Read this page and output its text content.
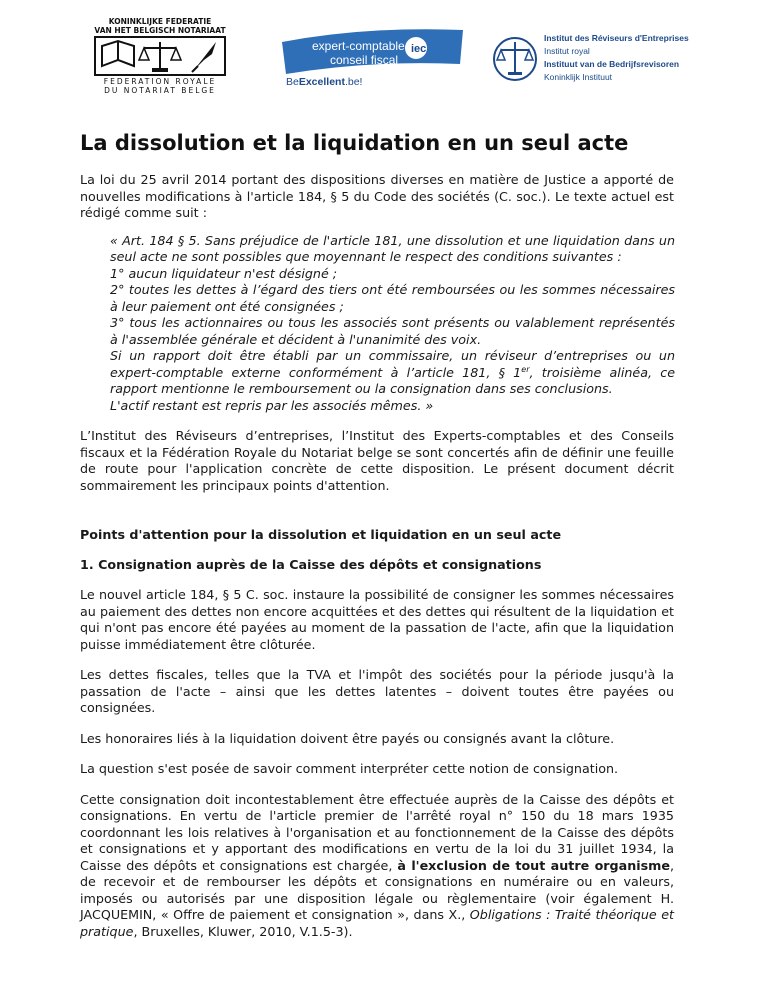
KONINKLIJKE FEDERATIE
VAN HET BELGISCH NOTARIAAT
FEDERATION ROYALE
DU NOTARIAT BELGE
expert-comptable
conseil fiscal
iec
BeExcellent.be!
Institut des Réviseurs d'Entreprises
Institut royal
Instituut van de Bedrijfsrevisoren
Koninklijk Instituut
La dissolution et la liquidation en un seul acte

La loi du 25 avril 2014 portant des dispositions diverses en matière de Justice a apporté de nouvelles modifications à l'article 184, § 5 du Code des sociétés (C. soc.). Le texte actuel est rédigé comme suit :

« Art. 184 § 5. Sans préjudice de l'article 181, une dissolution et une liquidation dans un seul acte ne sont possibles que moyennant le respect des conditions suivantes :
1° aucun liquidateur n'est désigné ;
2° toutes les dettes à l’égard des tiers ont été remboursées ou les sommes nécessaires à leur paiement ont été consignées ;
3° tous les actionnaires ou tous les associés sont présents ou valablement représentés à l'assemblée générale et décident à l'unanimité des voix.
Si un rapport doit être établi par un commissaire, un réviseur d’entreprises ou un expert-comptable externe conformément à l’article 181, § 1er, troisième alinéa, ce rapport mentionne le remboursement ou la consignation dans ses conclusions.
L'actif restant est repris par les associés mêmes. »

L’Institut des Réviseurs d’entreprises, l’Institut des Experts-comptables et des Conseils fiscaux et la Fédération Royale du Notariat belge se sont concertés afin de définir une feuille de route pour l'application concrète de cette disposition. Le présent document décrit sommairement les principaux points d'attention.

Points d'attention pour la dissolution et liquidation en un seul acte
1. Consignation auprès de la Caisse des dépôts et consignations

Le nouvel article 184, § 5 C. soc. instaure la possibilité de consigner les sommes nécessaires au paiement des dettes non encore acquittées et des dettes qui résultent de la liquidation et qui n'ont pas encore été payées au moment de la passation de l'acte, afin que la liquidation puisse immédiatement être clôturée.

Les dettes fiscales, telles que la TVA et l'impôt des sociétés pour la période jusqu'à la passation de l'acte – ainsi que les dettes latentes – doivent toutes être payées ou consignées.

Les honoraires liés à la liquidation doivent être payés ou consignés avant la clôture.

La question s'est posée de savoir comment interpréter cette notion de consignation.

Cette consignation doit incontestablement être effectuée auprès de la Caisse des dépôts et consignations. En vertu de l'article premier de l'arrêté royal n° 150 du 18 mars 1935 coordonnant les lois relatives à l'organisation et au fonctionnement de la Caisse des dépôts et consignations et y apportant des modifications en vertu de la loi du 31 juillet 1934, la Caisse des dépôts et consignations est chargée, à l'exclusion de tout autre organisme, de recevoir et de rembourser les dépôts et consignations en numéraire ou en valeurs, imposés ou autorisés par une disposition légale ou règlementaire (voir également H. JACQUEMIN, « Offre de paiement et consignation », dans X., Obligations : Traité théorique et pratique, Bruxelles, Kluwer, 2010, V.1.5-3).
